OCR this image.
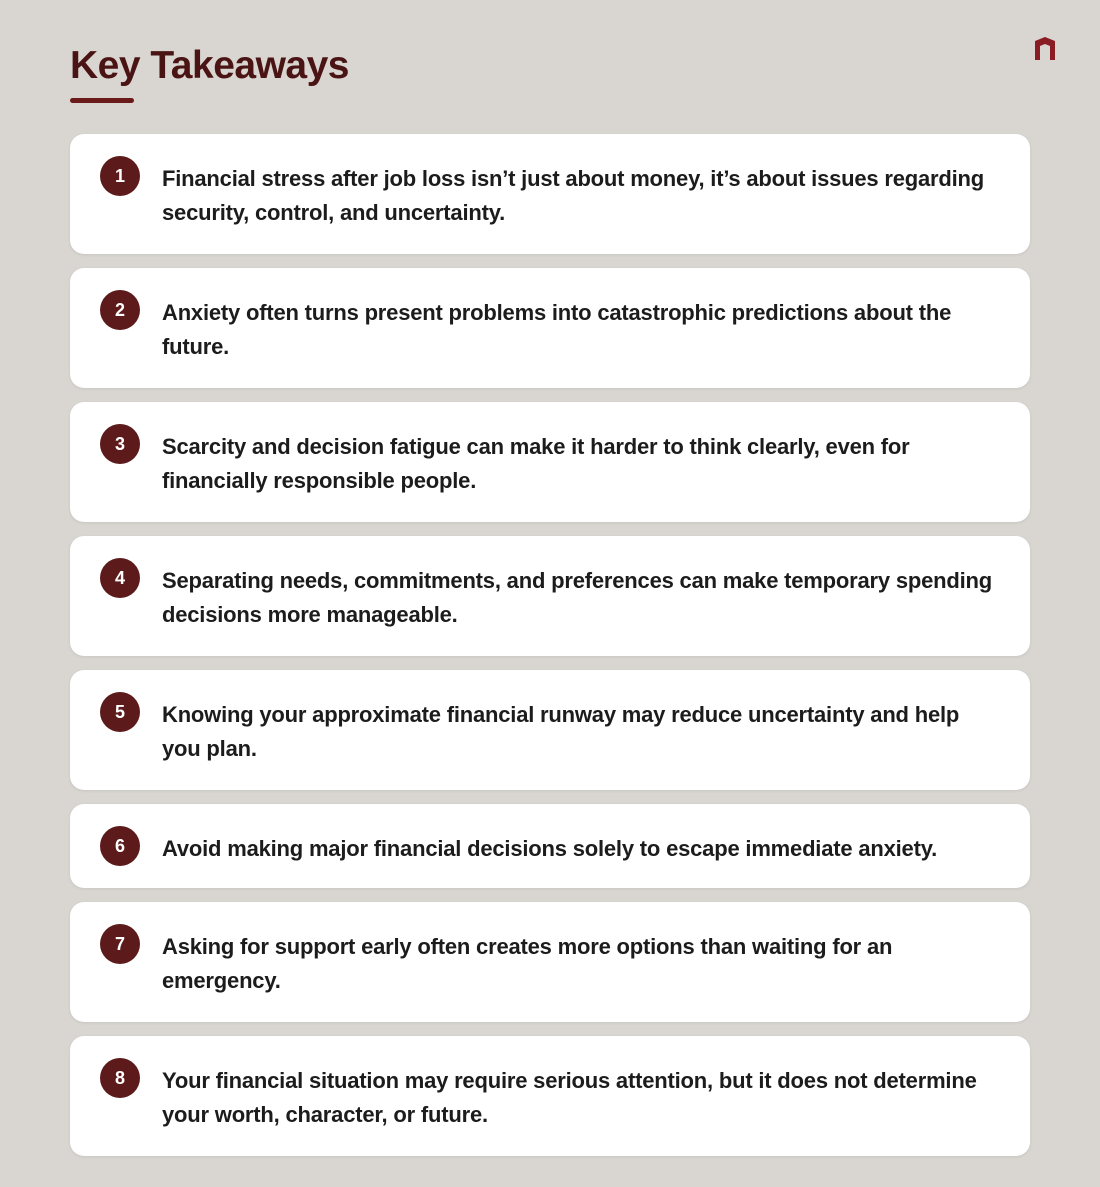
Key Takeaways
1	Financial stress after job loss isn’t just about money, it’s about issues regarding security, control, and uncertainty.
2	Anxiety often turns present problems into catastrophic predictions about the future.
3	Scarcity and decision fatigue can make it harder to think clearly, even for financially responsible people.
4	Separating needs, commitments, and preferences can make temporary spending decisions more manageable.
5	Knowing your approximate financial runway may reduce uncertainty and help you plan.
6	Avoid making major financial decisions solely to escape immediate anxiety.
7	Asking for support early often creates more options than waiting for an emergency.
8	Your financial situation may require serious attention, but it does not determine your worth, character, or future.
